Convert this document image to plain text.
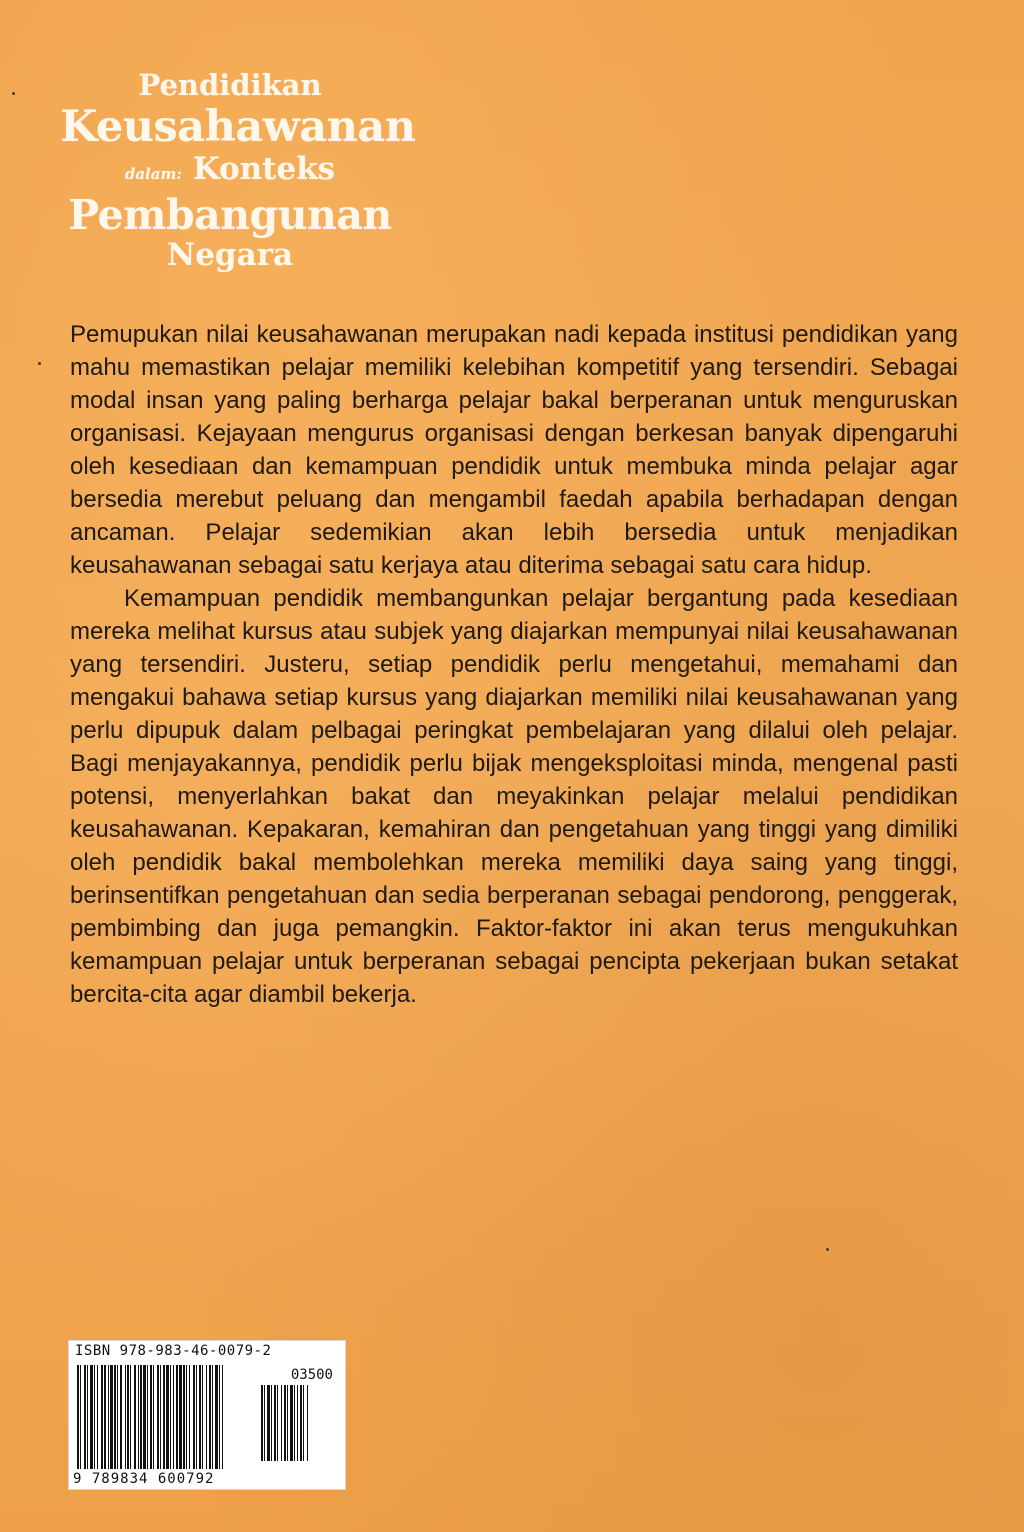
Pendidikan
Keusahawanan
dalam: Konteks
Pembangunan
Negara

Pemupukan nilai keusahawanan merupakan nadi kepada institusi pendidikan yang mahu memastikan pelajar memiliki kelebihan kompetitif yang tersendiri. Sebagai modal insan yang paling berharga pelajar bakal berperanan untuk menguruskan organisasi. Kejayaan mengurus organisasi dengan berkesan banyak dipengaruhi oleh kesediaan dan kemampuan pendidik untuk membuka minda pelajar agar bersedia merebut peluang dan mengambil faedah apabila berhadapan dengan ancaman. Pelajar sedemikian akan lebih bersedia untuk menjadikan keusahawanan sebagai satu kerjaya atau diterima sebagai satu cara hidup.

Kemampuan pendidik membangunkan pelajar bergantung pada kesediaan mereka melihat kursus atau subjek yang diajarkan mempunyai nilai keusahawanan yang tersendiri. Justeru, setiap pendidik perlu mengetahui, memahami dan mengakui bahawa setiap kursus yang diajarkan memiliki nilai keusahawanan yang perlu dipupuk dalam pelbagai peringkat pembelajaran yang dilalui oleh pelajar. Bagi menjayakannya, pendidik perlu bijak mengeksploitasi minda, mengenal pasti potensi, menyerlahkan bakat dan meyakinkan pelajar melalui pendidikan keusahawanan. Kepakaran, kemahiran dan pengetahuan yang tinggi yang dimiliki oleh pendidik bakal membolehkan mereka memiliki daya saing yang tinggi, berinsentifkan pengetahuan dan sedia berperanan sebagai pendorong, penggerak, pembimbing dan juga pemangkin. Faktor-faktor ini akan terus mengukuhkan kemampuan pelajar untuk berperanan sebagai pencipta pekerjaan bukan setakat bercita-cita agar diambil bekerja.

ISBN 978-983-46-0079-2
03500
9 789834 600792
